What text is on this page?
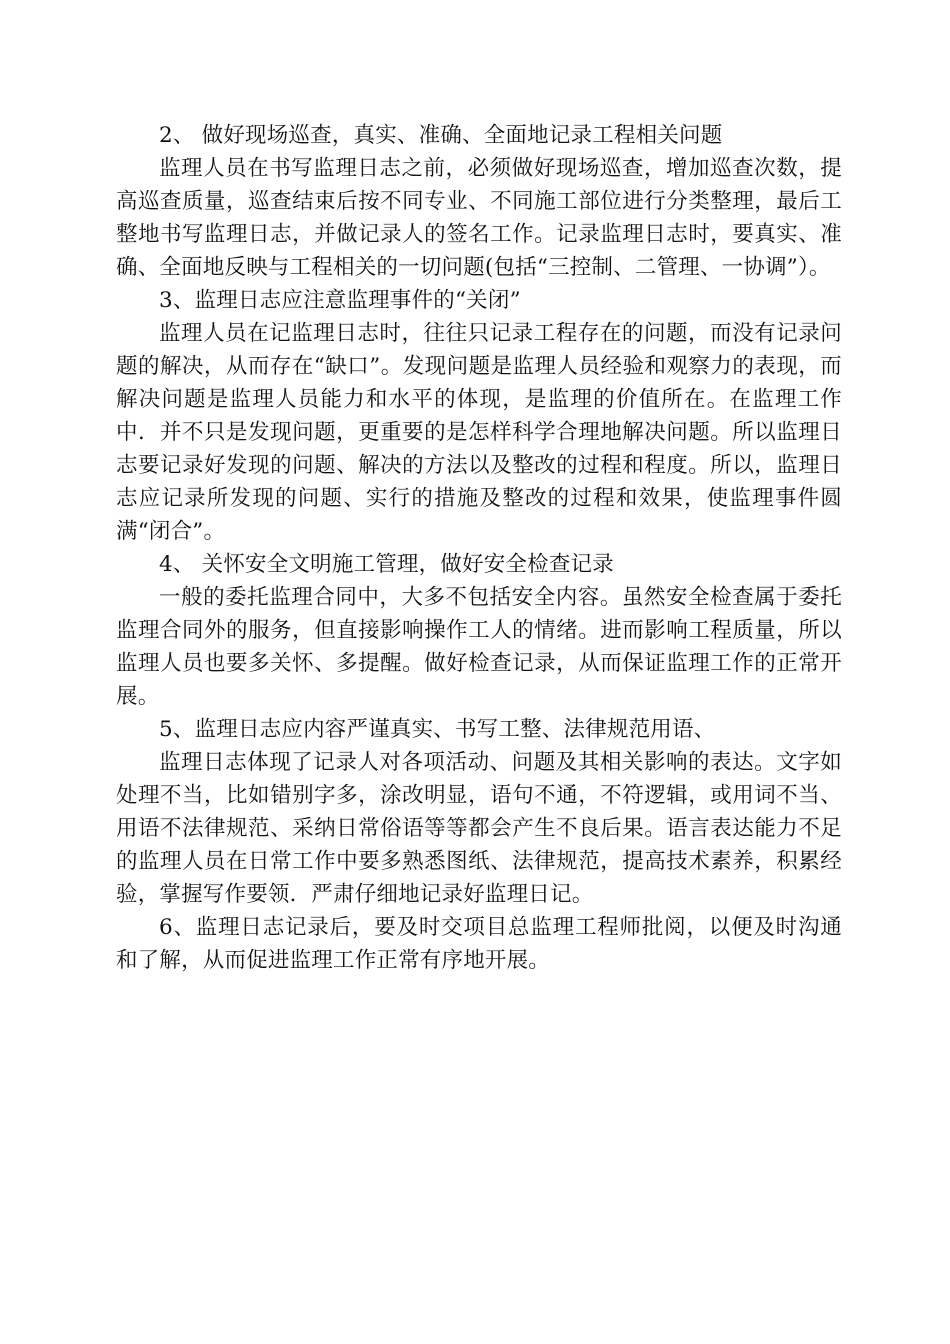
2、 做好现场巡查，真实、准确、全面地记录工程相关问题

监理人员在书写监理日志之前，必须做好现场巡查，增加巡查次数，提高巡查质量，巡查结束后按不同专业、不同施工部位进行分类整理，最后工整地书写监理日志，并做记录人的签名工作。记录监理日志时，要真实、准确、全面地反映与工程相关的一切问题(包括“三控制、二管理、一协调”）。

3、监理日志应注意监理事件的“关闭”

监理人员在记监理日志时，往往只记录工程存在的问题，而没有记录问题的解决，从而存在“缺口”。发现问题是监理人员经验和观察力的表现，而解决问题是监理人员能力和水平的体现，是监理的价值所在。在监理工作中．并不只是发现问题，更重要的是怎样科学合理地解决问题。所以监理日志要记录好发现的问题、解决的方法以及整改的过程和程度。所以，监理日志应记录所发现的问题、实行的措施及整改的过程和效果，使监理事件圆满“闭合”。

4、 关怀安全文明施工管理，做好安全检查记录

一般的委托监理合同中，大多不包括安全内容。虽然安全检查属于委托监理合同外的服务，但直接影响操作工人的情绪。进而影响工程质量，所以监理人员也要多关怀、多提醒。做好检查记录，从而保证监理工作的正常开展。

5、监理日志应内容严谨真实、书写工整、法律规范用语、

监理日志体现了记录人对各项活动、问题及其相关影响的表达。文字如处理不当，比如错别字多，涂改明显，语句不通，不符逻辑，或用词不当、用语不法律规范、采纳日常俗语等等都会产生不良后果。语言表达能力不足的监理人员在日常工作中要多熟悉图纸、法律规范，提高技术素养，积累经验，掌握写作要领．严肃仔细地记录好监理日记。

6、监理日志记录后，要及时交项目总监理工程师批阅，以便及时沟通和了解，从而促进监理工作正常有序地开展。
